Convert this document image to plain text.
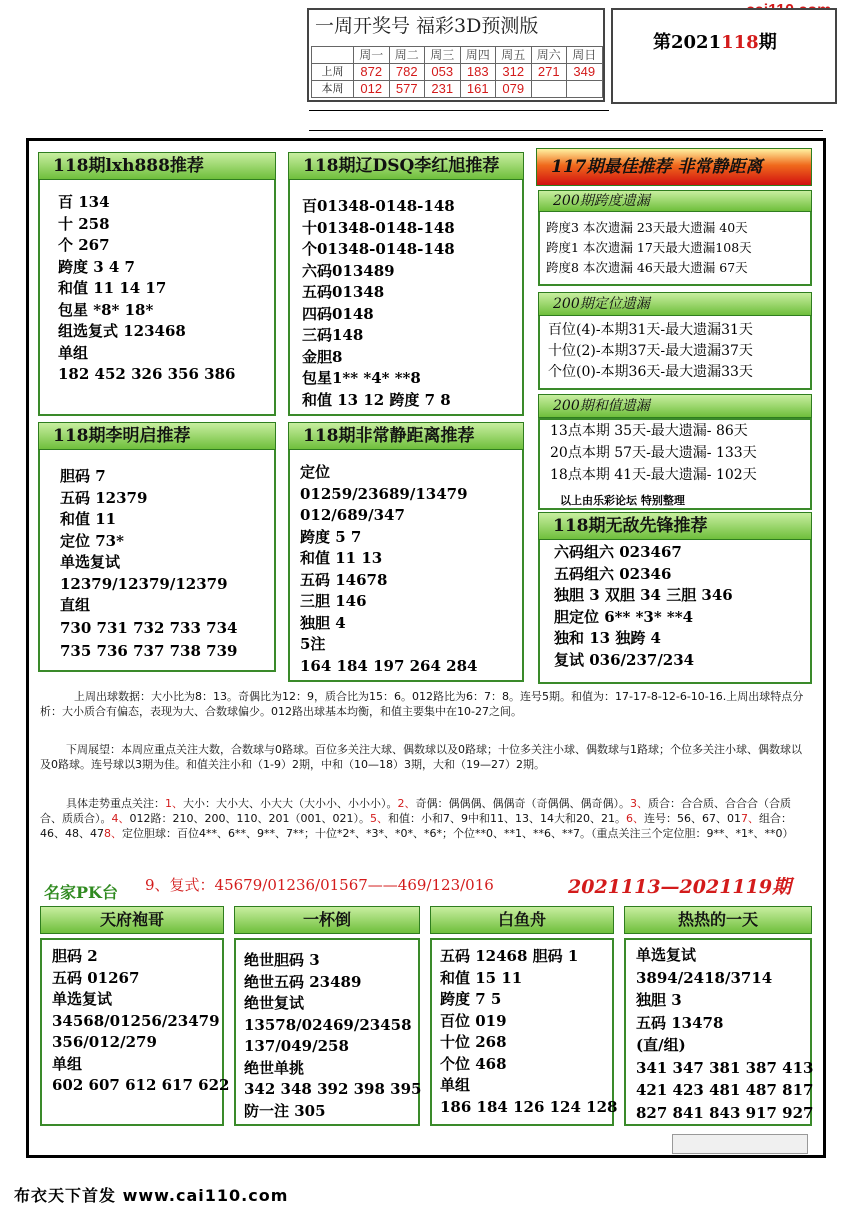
一周开奖号 福彩3D预测版
	周一	周二	周三	周四	周五	周六	周日
上周	872	782	053	183	312	271	349
本周	012	577	231	161	079		
第2021118期
118期lxh888推荐
百 134
十 258
个 267
跨度 3 4 7
和值 11 14 17
包星 *8* 18*
组选复式 123468
单组
182 452 326 356 386
118期辽DSQ李红旭推荐
百01348-0148-148
十01348-0148-148
个01348-0148-148
六码013489
五码01348
四码0148
三码148
金胆8
包星1** *4* **8
和值 13 12 跨度 7 8
118期李明启推荐
胆码 7
五码 12379
和值 11
定位 73*
单选复试
12379/12379/12379
直组
730 731 732 733 734
735 736 737 738 739
118期非常静距离推荐
定位
01259/23689/13479
012/689/347
跨度 5 7
和值 11 13
五码 14678
三胆 146
独胆 4
5注
164 184 197 264 284
117期最佳推荐 非常静距离
200期跨度遗漏
跨度3 本次遗漏 23天最大遗漏 40天
跨度1 本次遗漏 17天最大遗漏108天
跨度8 本次遗漏 46天最大遗漏 67天
200期定位遗漏
百位(4)-本期31天-最大遗漏31天
十位(2)-本期37天-最大遗漏37天
个位(0)-本期36天-最大遗漏33天
200期和值遗漏
13点本期 35天-最大遗漏- 86天
20点本期 57天-最大遗漏- 133天
18点本期 41天-最大遗漏- 102天
以上由乐彩论坛 特别整理
118期无敌先锋推荐
六码组六 023467
五码组六 02346
独胆 3 双胆 34 三胆 346
胆定位 6** *3* **4
独和 13 独跨 4
复试 036/237/234
上周出球数据：大小比为8：13。奇偶比为12：9，质合比为15：6。012路比为6：7：8。连号5期。和值为：17-17-8-12-6-10-16.上周出球特点分析：大小质合有偏态，表现为大、合数球偏少。012路出球基本均衡，和值主要集中在10-27之间。
下周展望：本周应重点关注大数，合数球与0路球。百位多关注大球、偶数球以及0路球；十位多关注小球、偶数球与1路球；个位多关注小球、偶数球以及0路球。连号球以3期为佳。和值关注小和（1-9）2期，中和（10—18）3期，大和（19—27）2期。
具体走势重点关注：1、大小：大小大、小大大（大小小、小小小）。2、奇偶：偶偶偶、偶偶奇（奇偶偶、偶奇偶）。3、质合：合合质、合合合（合质合、质质合）。4、012路：210、200、110、201（001、021）。5、和值：小和7、9中和11、13、14大和20、21。6、连号：56、67、017、组合：46、48、478、定位胆球：百位4**、6**、9**、7**；十位*2*、*3*、*0*、*6*；个位**0、**1、**6、**7。（重点关注三个定位胆：9**、*1*、**0）
名家PK台 9、复式：45679/01236/01567——469/123/016	2021113—2021119期
天府袍哥
胆码 2
五码 01267
单选复试
34568/01256/23479
356/012/279
单组
602 607 612 617 622
一杯倒
绝世胆码 3
绝世五码 23489
绝世复试
13578/02469/23458
137/049/258
绝世单挑
342 348 392 398 395
防一注 305
白鱼舟
五码 12468 胆码 1
和值 15 11
跨度 7 5
百位 019
十位 268
个位 468
单组
186 184 126 124 128
热热的一天
单选复试
3894/2418/3714
独胆 3
五码 13478
(直/组)
341 347 381 387 413
421 423 481 487 817
827 841 843 917 927
布衣天下首发 www.cai110.com
